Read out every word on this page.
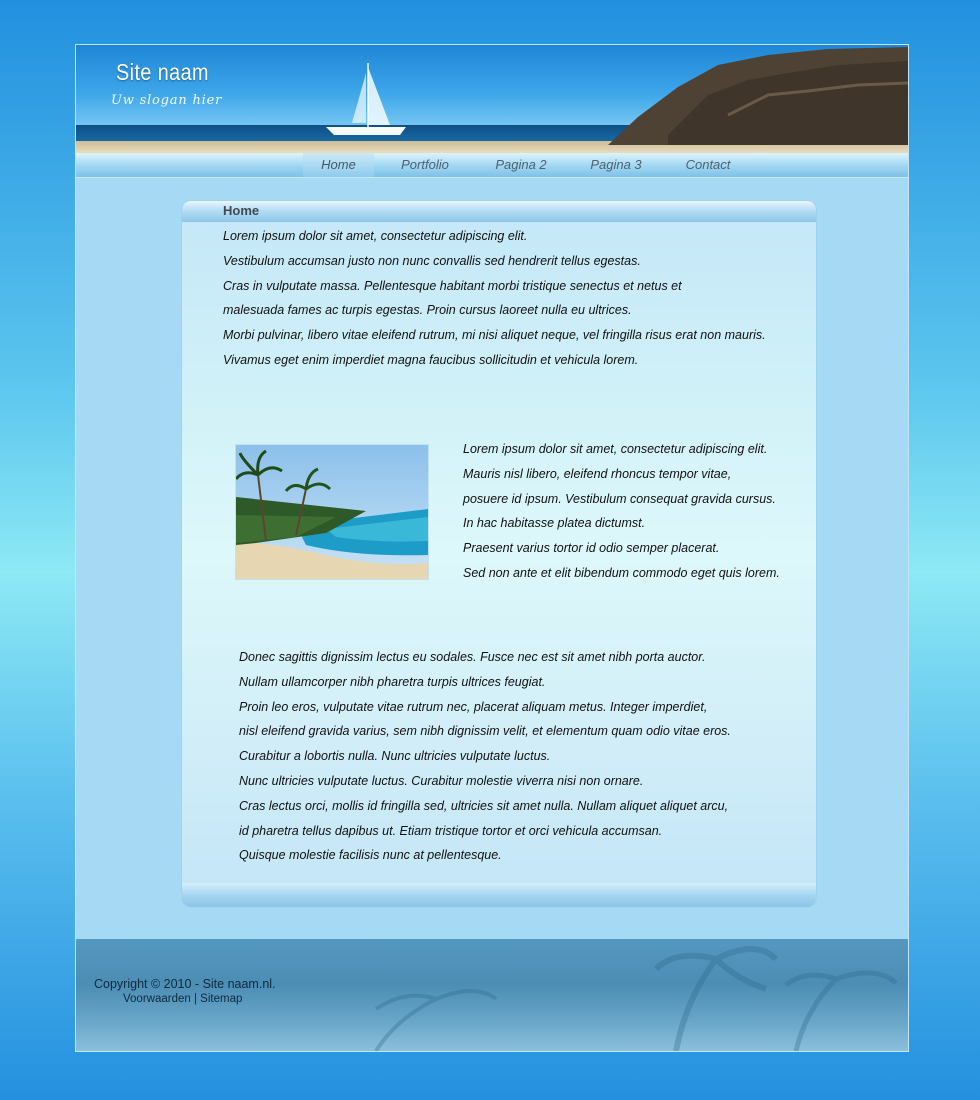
Site naam
Uw slogan hier
Home	Portfolio	Pagina 2	Pagina 3	Contact
Home
Lorem ipsum dolor sit amet, consectetur adipiscing elit.
Vestibulum accumsan justo non nunc convallis sed hendrerit tellus egestas.
Cras in vulputate massa. Pellentesque habitant morbi tristique senectus et netus et
malesuada fames ac turpis egestas. Proin cursus laoreet nulla eu ultrices.
Morbi pulvinar, libero vitae eleifend rutrum, mi nisi aliquet neque, vel fringilla risus erat non mauris.
Vivamus eget enim imperdiet magna faucibus sollicitudin et vehicula lorem.
Lorem ipsum dolor sit amet, consectetur adipiscing elit.
Mauris nisl libero, eleifend rhoncus tempor vitae,
posuere id ipsum. Vestibulum consequat gravida cursus.
In hac habitasse platea dictumst.
Praesent varius tortor id odio semper placerat.
Sed non ante et elit bibendum commodo eget quis lorem.
Donec sagittis dignissim lectus eu sodales. Fusce nec est sit amet nibh porta auctor.
Nullam ullamcorper nibh pharetra turpis ultrices feugiat.
Proin leo eros, vulputate vitae rutrum nec, placerat aliquam metus. Integer imperdiet,
nisl eleifend gravida varius, sem nibh dignissim velit, et elementum quam odio vitae eros.
Curabitur a lobortis nulla. Nunc ultricies vulputate luctus.
Nunc ultricies vulputate luctus. Curabitur molestie viverra nisi non ornare.
Cras lectus orci, mollis id fringilla sed, ultricies sit amet nulla. Nullam aliquet aliquet arcu,
id pharetra tellus dapibus ut. Etiam tristique tortor et orci vehicula accumsan.
Quisque molestie facilisis nunc at pellentesque.
Copyright © 2010 - Site naam.nl.
Voorwaarden | Sitemap
